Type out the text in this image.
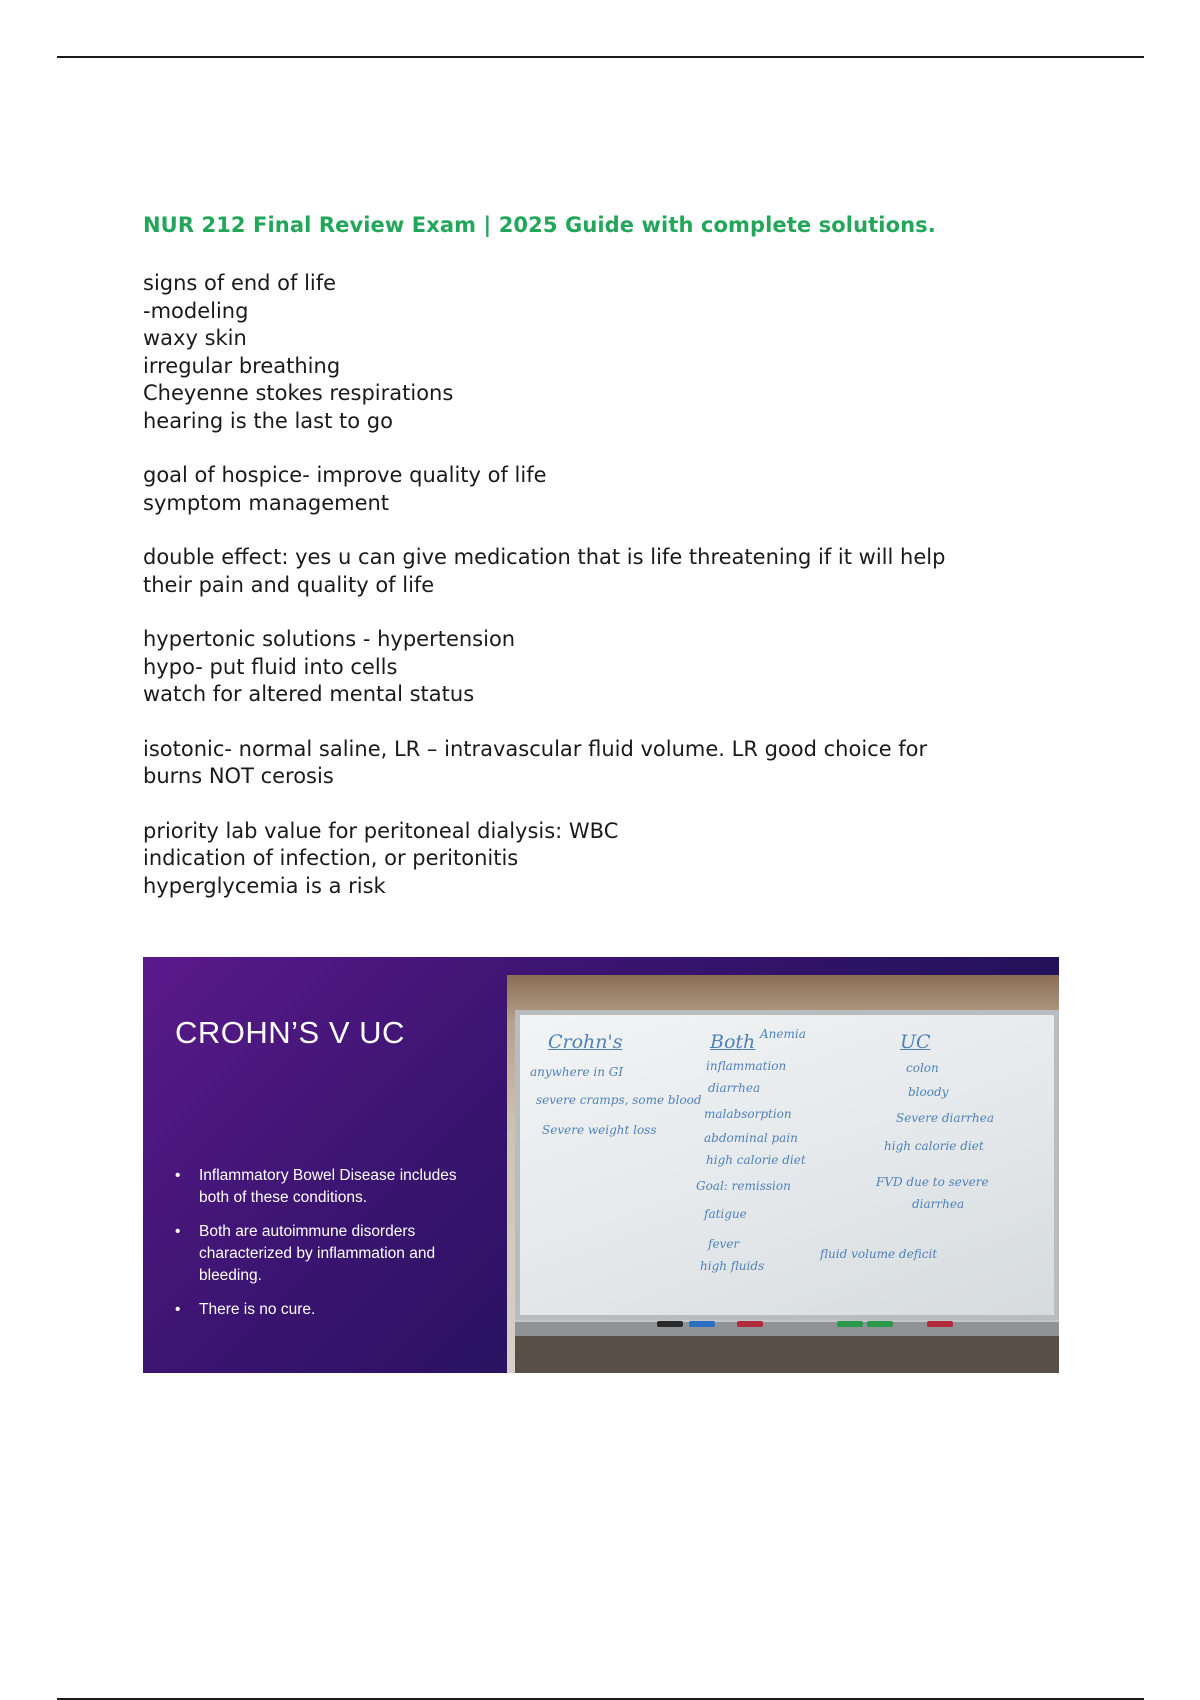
NUR 212 Final Review Exam | 2025 Guide with complete solutions.
signs of end of life
-modeling
waxy skin
irregular breathing
Cheyenne stokes respirations
hearing is the last to go
goal of hospice- improve quality of life
symptom management
double effect: yes u can give medication that is life threatening if it will help
their pain and quality of life
hypertonic solutions - hypertension
hypo- put fluid into cells
watch for altered mental status
isotonic- normal saline, LR – intravascular fluid volume. LR good choice for
burns NOT cerosis
priority lab value for peritoneal dialysis: WBC
indication of infection, or peritonitis
hyperglycemia is a risk
CROHN’S V UC
• Inflammatory Bowel Disease includes both of these conditions.
• Both are autoimmune disorders characterized by inflammation and bleeding.
• There is no cure.
Crohn's
anywhere in GI
severe cramps, some blood
Severe weight loss
Both Anemia
inflammation
diarrhea
malabsorption
abdominal pain
high calorie diet
Goal: remission
fatigue
fever
high fluids
UC
colon
bloody
Severe diarrhea
high calorie diet
FVD due to severe
diarrhea
fluid volume deficit
